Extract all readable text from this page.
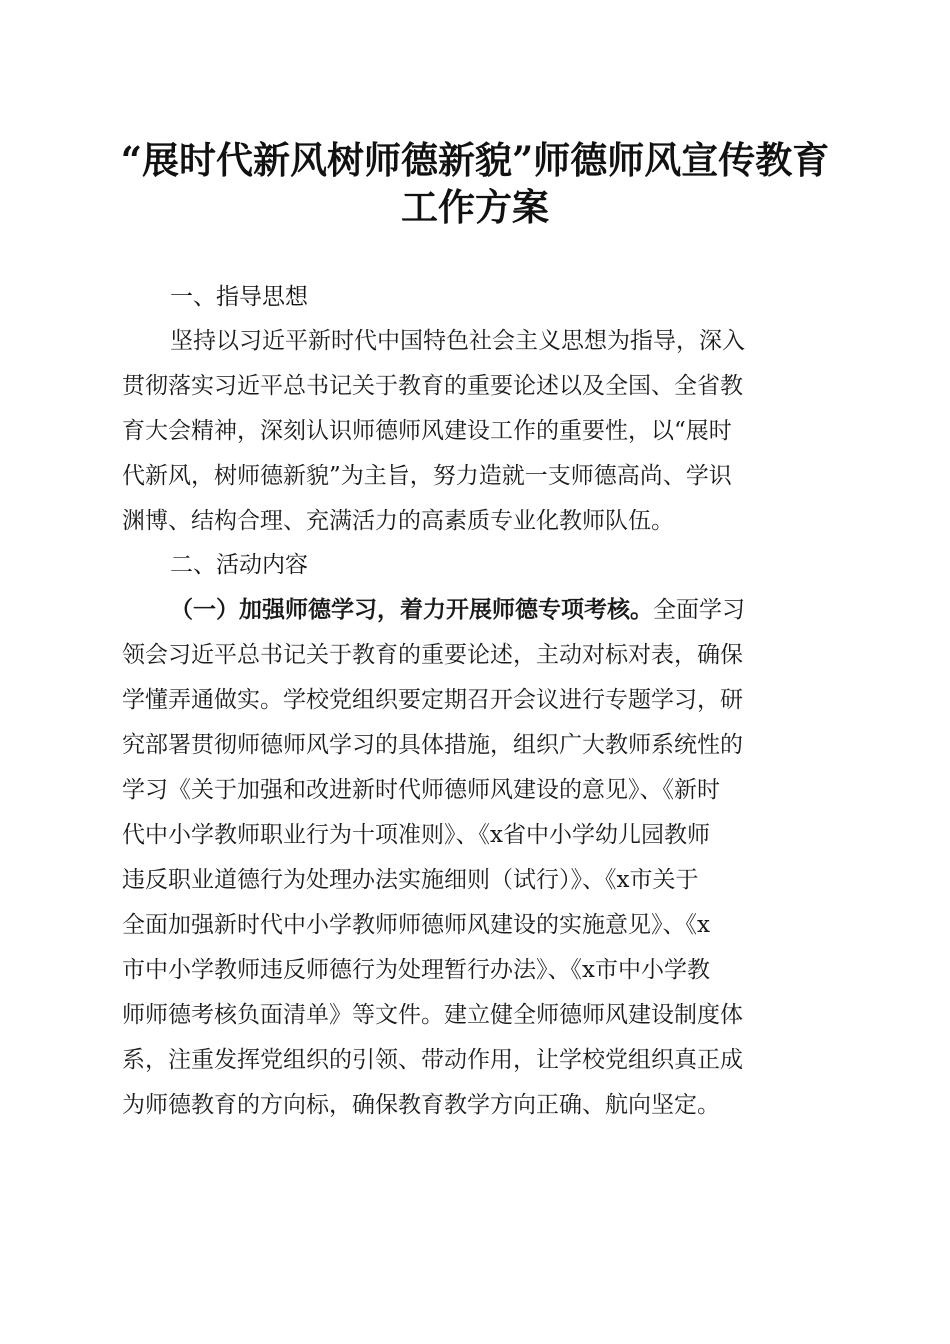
“展时代新风树师德新貌”师德师风宣传教育
工作方案
一、指导思想
坚持以习近平新时代中国特色社会主义思想为指导，深入
贯彻落实习近平总书记关于教育的重要论述以及全国、全省教
育大会精神，深刻认识师德师风建设工作的重要性，以“展时
代新风，树师德新貌”为主旨，努力造就一支师德高尚、学识
渊博、结构合理、充满活力的高素质专业化教师队伍。
二、活动内容
（一）加强师德学习，着力开展师德专项考核。全面学习
领会习近平总书记关于教育的重要论述，主动对标对表，确保
学懂弄通做实。学校党组织要定期召开会议进行专题学习，研
究部署贯彻师德师风学习的具体措施，组织广大教师系统性的
学习《关于加强和改进新时代师德师风建设的意见》、《新时
代中小学教师职业行为十项准则》、《x省中小学幼儿园教师
违反职业道德行为处理办法实施细则（试行）》、《x市关于
全面加强新时代中小学教师师德师风建设的实施意见》、《x
市中小学教师违反师德行为处理暂行办法》、《x市中小学教
师师德考核负面清单》等文件。建立健全师德师风建设制度体
系，注重发挥党组织的引领、带动作用，让学校党组织真正成
为师德教育的方向标，确保教育教学方向正确、航向坚定。
